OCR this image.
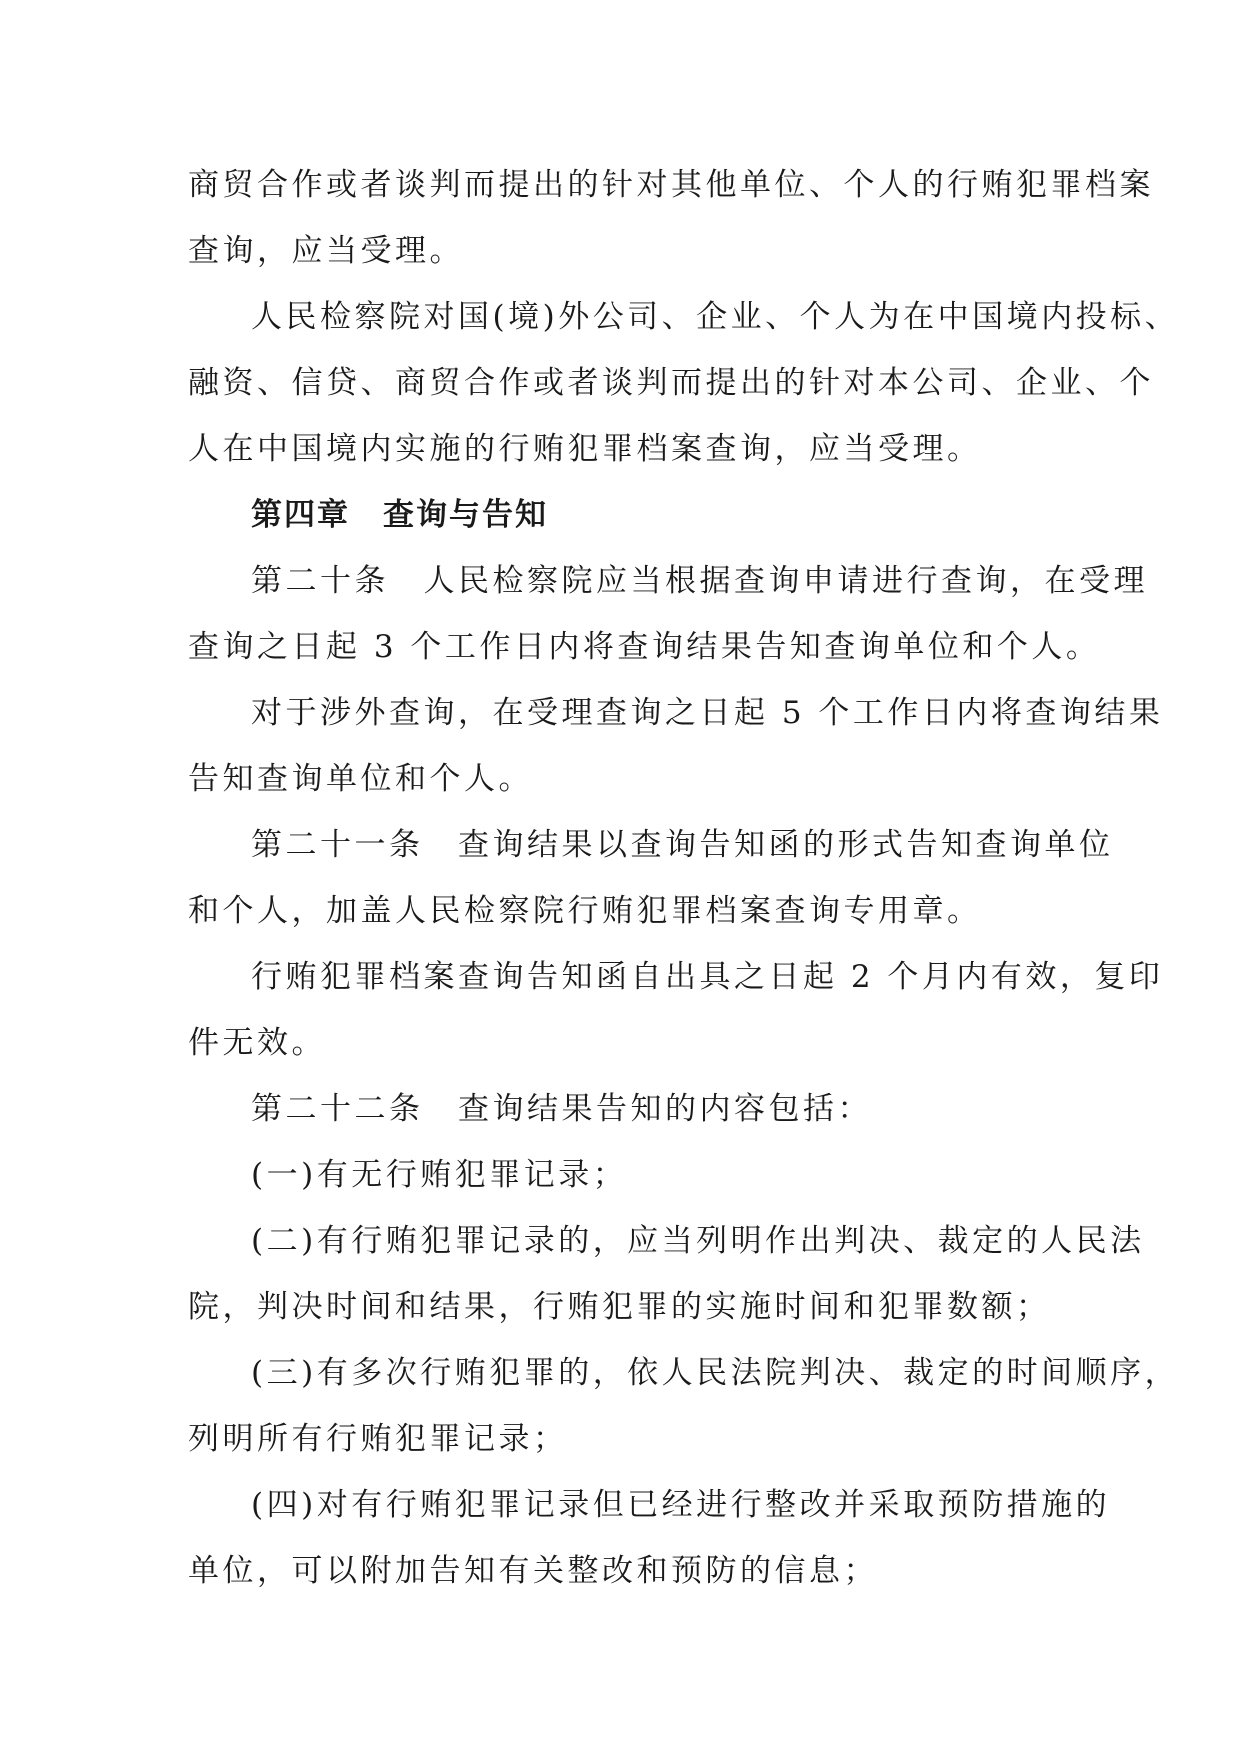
商贸合作或者谈判而提出的针对其他单位、个人的行贿犯罪档案
查询，应当受理。
人民检察院对国(境)外公司、企业、个人为在中国境内投标、
融资、信贷、商贸合作或者谈判而提出的针对本公司、企业、个
人在中国境内实施的行贿犯罪档案查询，应当受理。
第四章　查询与告知
第二十条　人民检察院应当根据查询申请进行查询，在受理
查询之日起 3 个工作日内将查询结果告知查询单位和个人。
对于涉外查询，在受理查询之日起 5 个工作日内将查询结果
告知查询单位和个人。
第二十一条　查询结果以查询告知函的形式告知查询单位
和个人，加盖人民检察院行贿犯罪档案查询专用章。
行贿犯罪档案查询告知函自出具之日起 2 个月内有效，复印
件无效。
第二十二条　查询结果告知的内容包括：
(一)有无行贿犯罪记录；
(二)有行贿犯罪记录的，应当列明作出判决、裁定的人民法
院，判决时间和结果，行贿犯罪的实施时间和犯罪数额；
(三)有多次行贿犯罪的，依人民法院判决、裁定的时间顺序，
列明所有行贿犯罪记录；
(四)对有行贿犯罪记录但已经进行整改并采取预防措施的
单位，可以附加告知有关整改和预防的信息；
